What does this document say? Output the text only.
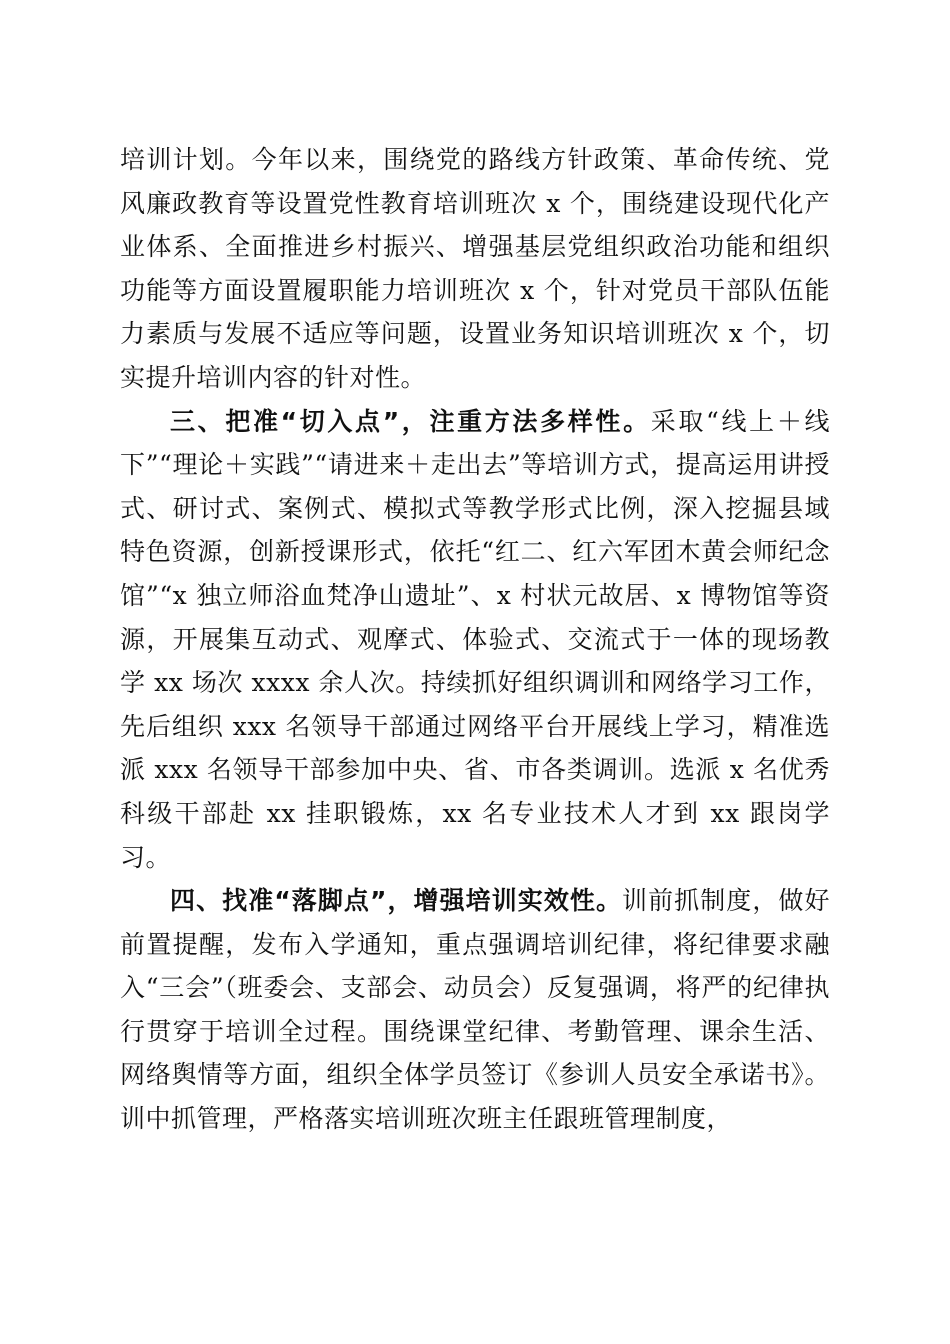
培训计划。今年以来，围绕党的路线方针政策、革命传统、党风廉政教育等设置党性教育培训班次 x 个，围绕建设现代化产业体系、全面推进乡村振兴、增强基层党组织政治功能和组织功能等方面设置履职能力培训班次 x 个，针对党员干部队伍能力素质与发展不适应等问题，设置业务知识培训班次 x 个，切实提升培训内容的针对性。

三、把准“切入点”，注重方法多样性。采取“线上＋线下”“理论＋实践”“请进来＋走出去”等培训方式，提高运用讲授式、研讨式、案例式、模拟式等教学形式比例，深入挖掘县域特色资源，创新授课形式，依托“红二、红六军团木黄会师纪念馆”“x 独立师浴血梵净山遗址”、x 村状元故居、x 博物馆等资源，开展集互动式、观摩式、体验式、交流式于一体的现场教学 xx 场次 xxxx 余人次。持续抓好组织调训和网络学习工作，先后组织 xxx 名领导干部通过网络平台开展线上学习，精准选派 xxx 名领导干部参加中央、省、市各类调训。选派 x 名优秀科级干部赴 xx 挂职锻炼，xx 名专业技术人才到 xx 跟岗学习。

四、找准“落脚点”，增强培训实效性。训前抓制度，做好前置提醒，发布入学通知，重点强调培训纪律，将纪律要求融入“三会”（班委会、支部会、动员会）反复强调，将严的纪律执行贯穿于培训全过程。围绕课堂纪律、考勤管理、课余生活、网络舆情等方面，组织全体学员签订《参训人员安全承诺书》。训中抓管理，严格落实培训班次班主任跟班管理制度，
